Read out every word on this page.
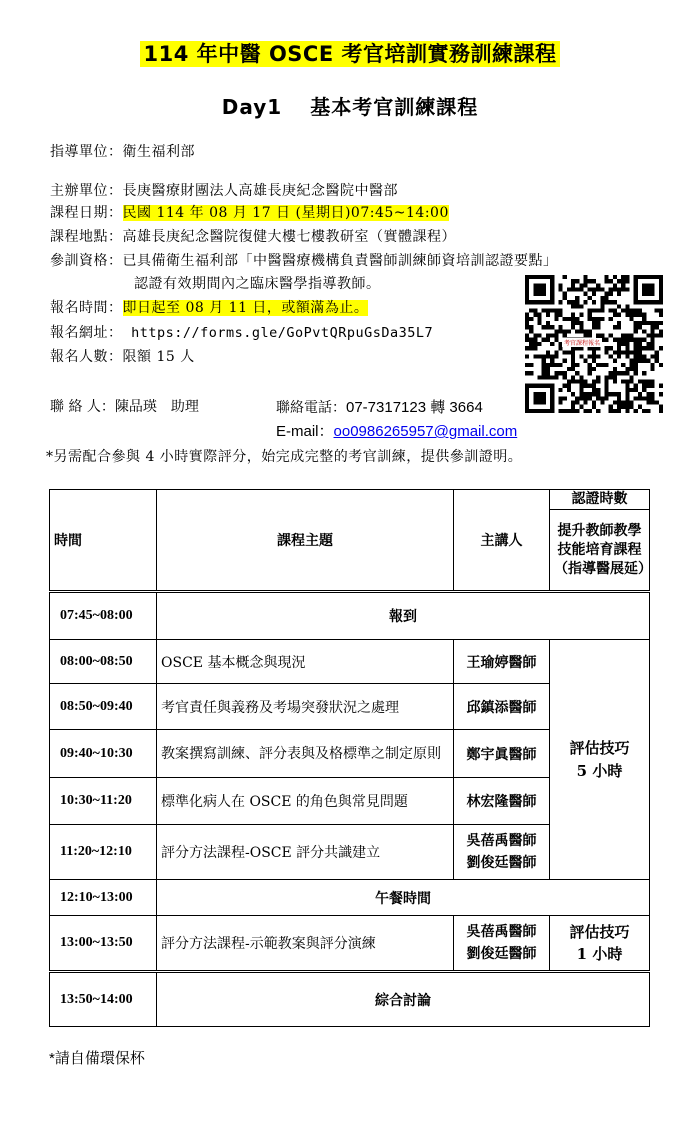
114 年中醫 OSCE 考官培訓實務訓練課程
Day1 基本考官訓練課程
指導單位：衛生福利部
主辦單位：長庚醫療財團法人高雄長庚紀念醫院中醫部
課程日期：民國 114 年 08 月 17 日 (星期日)07:45~14:00
課程地點：高雄長庚紀念醫院復健大樓七樓教研室（實體課程）
參訓資格：已具備衛生福利部「中醫醫療機構負責醫師訓練師資培訓認證要點」
認證有效期間內之臨床醫學指導教師。
報名時間：即日起至 08 月 11 日，或額滿為止。
報名網址： https://forms.gle/GoPvtQRpuGsDa35L7
報名人數：限額 15 人
聯 絡 人：陳品瑛　助理	聯絡電話：07-7317123 轉 3664
E-mail：oo0986265957@gmail.com
考官課程報名
*另需配合參與 4 小時實際評分，始完成完整的考官訓練，提供參訓證明。
時間	課程主題	主講人	認證時數
			提升教師教學技能培育課程（指導醫展延）
07:45~08:00	報到		
08:00~08:50	OSCE 基本概念與現況	王瑜婷醫師	評估技巧
5 小時
08:50~09:40	考官責任與義務及考場突發狀況之處理	邱鎮添醫師	
09:40~10:30	教案撰寫訓練、評分表與及格標準之制定原則	鄭宇眞醫師	
10:30~11:20	標準化病人在 OSCE 的角色與常見問題	林宏隆醫師	
11:20~12:10	評分方法課程-OSCE 評分共識建立	吳蓓禹醫師
劉俊廷醫師	
12:10~13:00	午餐時間		
13:00~13:50	評分方法課程-示範教案與評分演練	吳蓓禹醫師
劉俊廷醫師	評估技巧
1 小時
13:50~14:00	綜合討論		
*請自備環保杯
